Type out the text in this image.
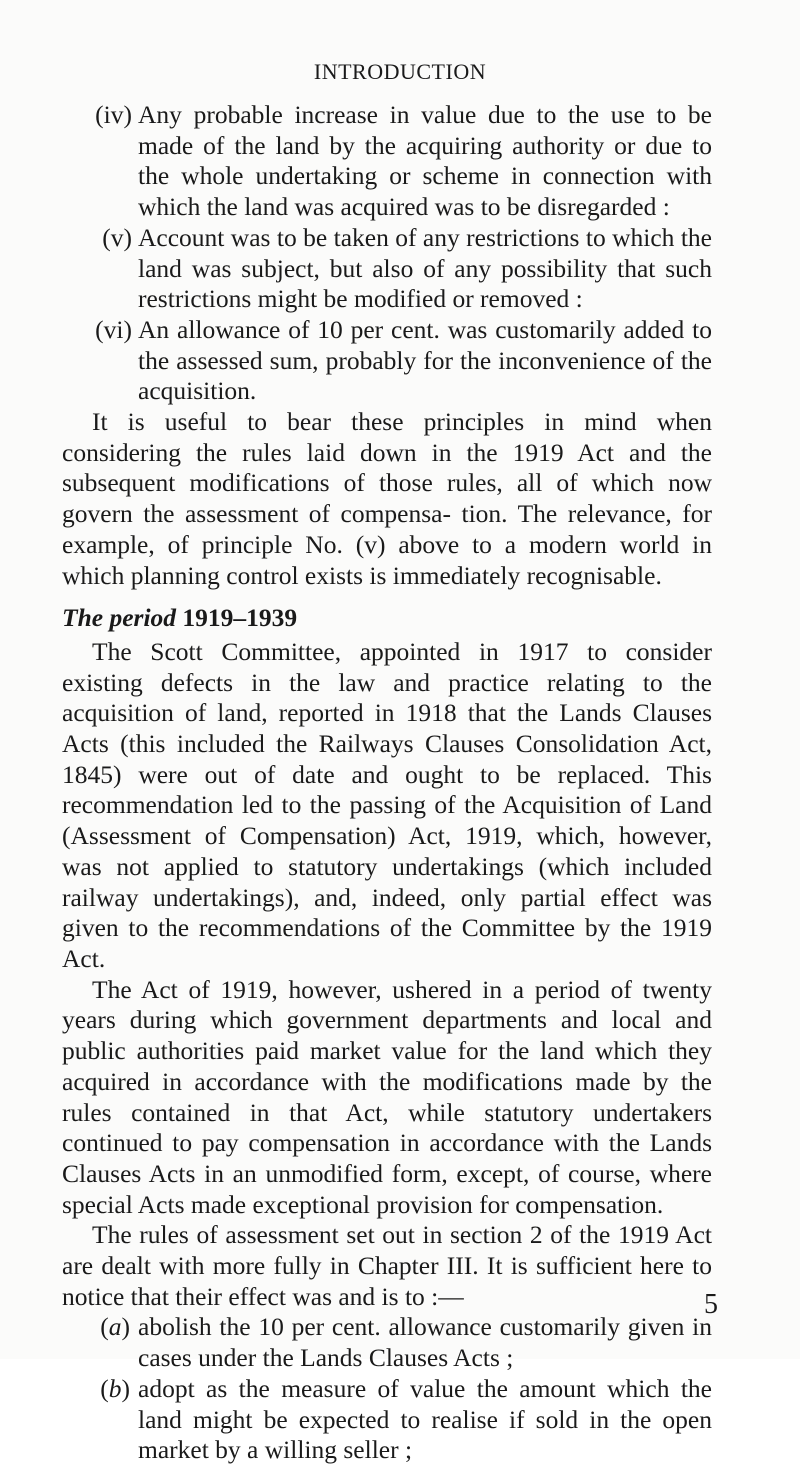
INTRODUCTION
(iv) Any probable increase in value due to the use to be made of the land by the acquiring authority or due to the whole undertaking or scheme in connection with which the land was acquired was to be disregarded :
(v) Account was to be taken of any restrictions to which the land was subject, but also of any possibility that such restrictions might be modified or removed :
(vi) An allowance of 10 per cent. was customarily added to the assessed sum, probably for the inconvenience of the acquisition.

It is useful to bear these principles in mind when considering the rules laid down in the 1919 Act and the subsequent modifications of those rules, all of which now govern the assessment of compensa- tion. The relevance, for example, of principle No. (v) above to a modern world in which planning control exists is immediately recognisable.

The period 1919–1939

The Scott Committee, appointed in 1917 to consider existing defects in the law and practice relating to the acquisition of land, reported in 1918 that the Lands Clauses Acts (this included the Railways Clauses Consolidation Act, 1845) were out of date and ought to be replaced. This recommendation led to the passing of the Acquisition of Land (Assessment of Compensation) Act, 1919, which, however, was not applied to statutory undertakings (which included railway undertakings), and, indeed, only partial effect was given to the recommendations of the Committee by the 1919 Act.

The Act of 1919, however, ushered in a period of twenty years during which government departments and local and public authorities paid market value for the land which they acquired in accordance with the modifications made by the rules contained in that Act, while statutory undertakers continued to pay compensation in accordance with the Lands Clauses Acts in an unmodified form, except, of course, where special Acts made exceptional provision for compensation.

The rules of assessment set out in section 2 of the 1919 Act are dealt with more fully in Chapter III. It is sufficient here to notice that their effect was and is to :—

(a) abolish the 10 per cent. allowance customarily given in cases under the Lands Clauses Acts ;
(b) adopt as the measure of value the amount which the land might be expected to realise if sold in the open market by a willing seller ;
5
